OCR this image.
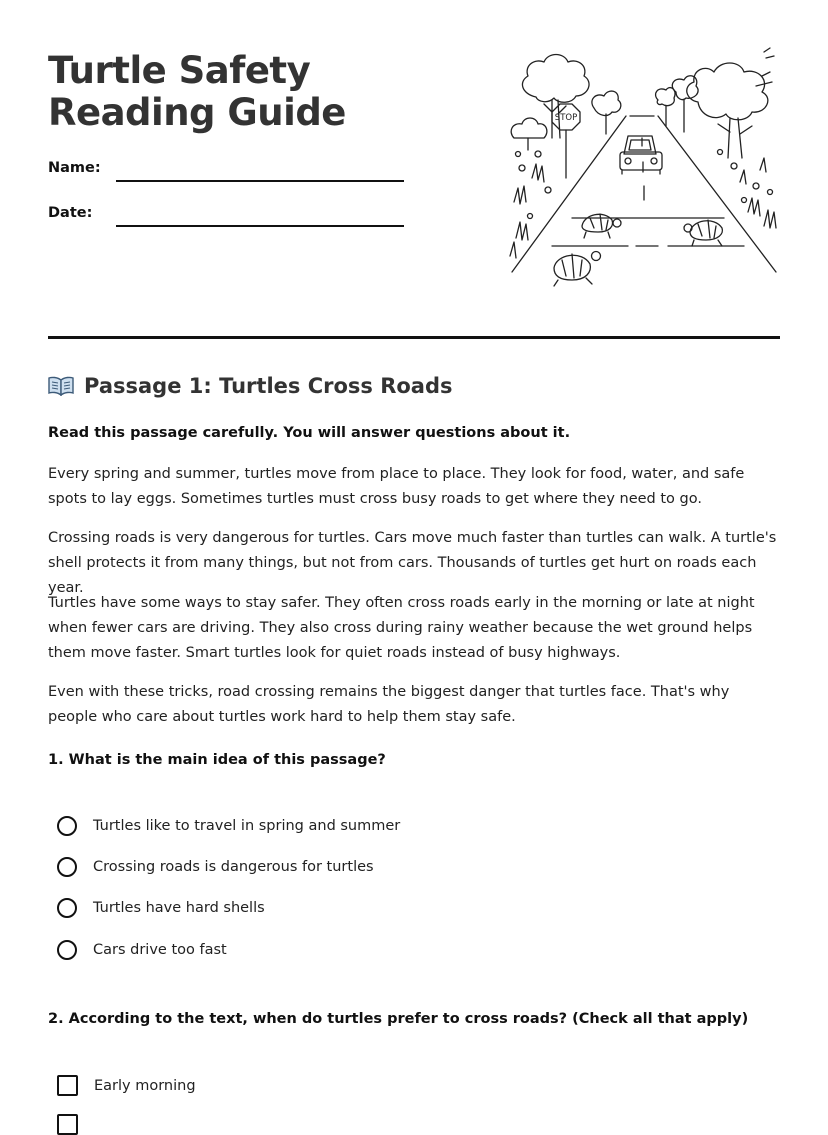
Turtle Safety Reading Guide
Name:
Date:
STOP
Passage 1: Turtles Cross Roads
Read this passage carefully. You will answer questions about it.

Every spring and summer, turtles move from place to place. They look for food, water, and safe spots to lay eggs. Sometimes turtles must cross busy roads to get where they need to go.

Crossing roads is very dangerous for turtles. Cars move much faster than turtles can walk. A turtle's shell protects it from many things, but not from cars. Thousands of turtles get hurt on roads each year.

Turtles have some ways to stay safer. They often cross roads early in the morning or late at night when fewer cars are driving. They also cross during rainy weather because the wet ground helps them move faster. Smart turtles look for quiet roads instead of busy highways.

Even with these tricks, road crossing remains the biggest danger that turtles face. That's why people who care about turtles work hard to help them stay safe.

1. What is the main idea of this passage?
Turtles like to travel in spring and summer
Crossing roads is dangerous for turtles
Turtles have hard shells
Cars drive too fast
2. According to the text, when do turtles prefer to cross roads? (Check all that apply)
Early morning
